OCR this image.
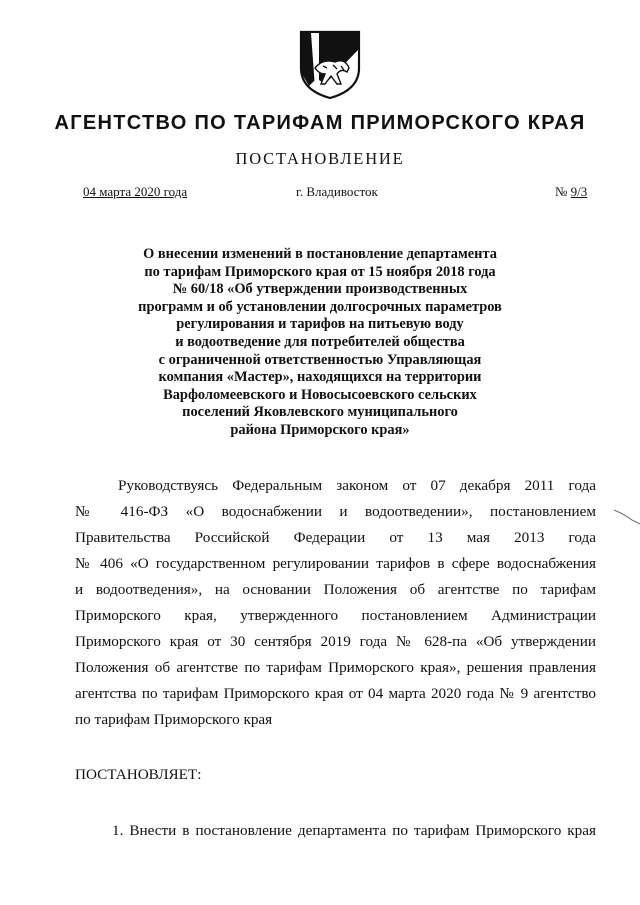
АГЕНТСТВО ПО ТАРИФАМ ПРИМОРСКОГО КРАЯ
ПОСТАНОВЛЕНИЕ
04 марта 2020 года	г. Владивосток	№ 9/3
О внесении изменений в постановление департамента
по тарифам Приморского края от 15 ноября 2018 года
№ 60/18 «Об утверждении производственных
программ и об установлении долгосрочных параметров
регулирования и тарифов на питьевую воду
и водоотведение для потребителей общества
с ограниченной ответственностью Управляющая
компания «Мастер», находящихся на территории
Варфоломеевского и Новосысоевского сельских
поселений Яковлевского муниципального
района Приморского края»
Руководствуясь Федеральным законом от 07 декабря 2011 года
№ 416-ФЗ «О водоснабжении и водоотведении», постановлением
Правительства Российской Федерации от 13 мая 2013 года
№ 406 «О государственном регулировании тарифов в сфере водоснабжения
и водоотведения», на основании Положения об агентстве по тарифам
Приморского края, утвержденного постановлением Администрации
Приморского края от 30 сентября 2019 года № 628-па «Об утверждении
Положения об агентстве по тарифам Приморского края», решения правления
агентства по тарифам Приморского края от 04 марта 2020 года № 9 агентство
по тарифам Приморского края
ПОСТАНОВЛЯЕТ:
1. Внести в постановление департамента по тарифам Приморского края
